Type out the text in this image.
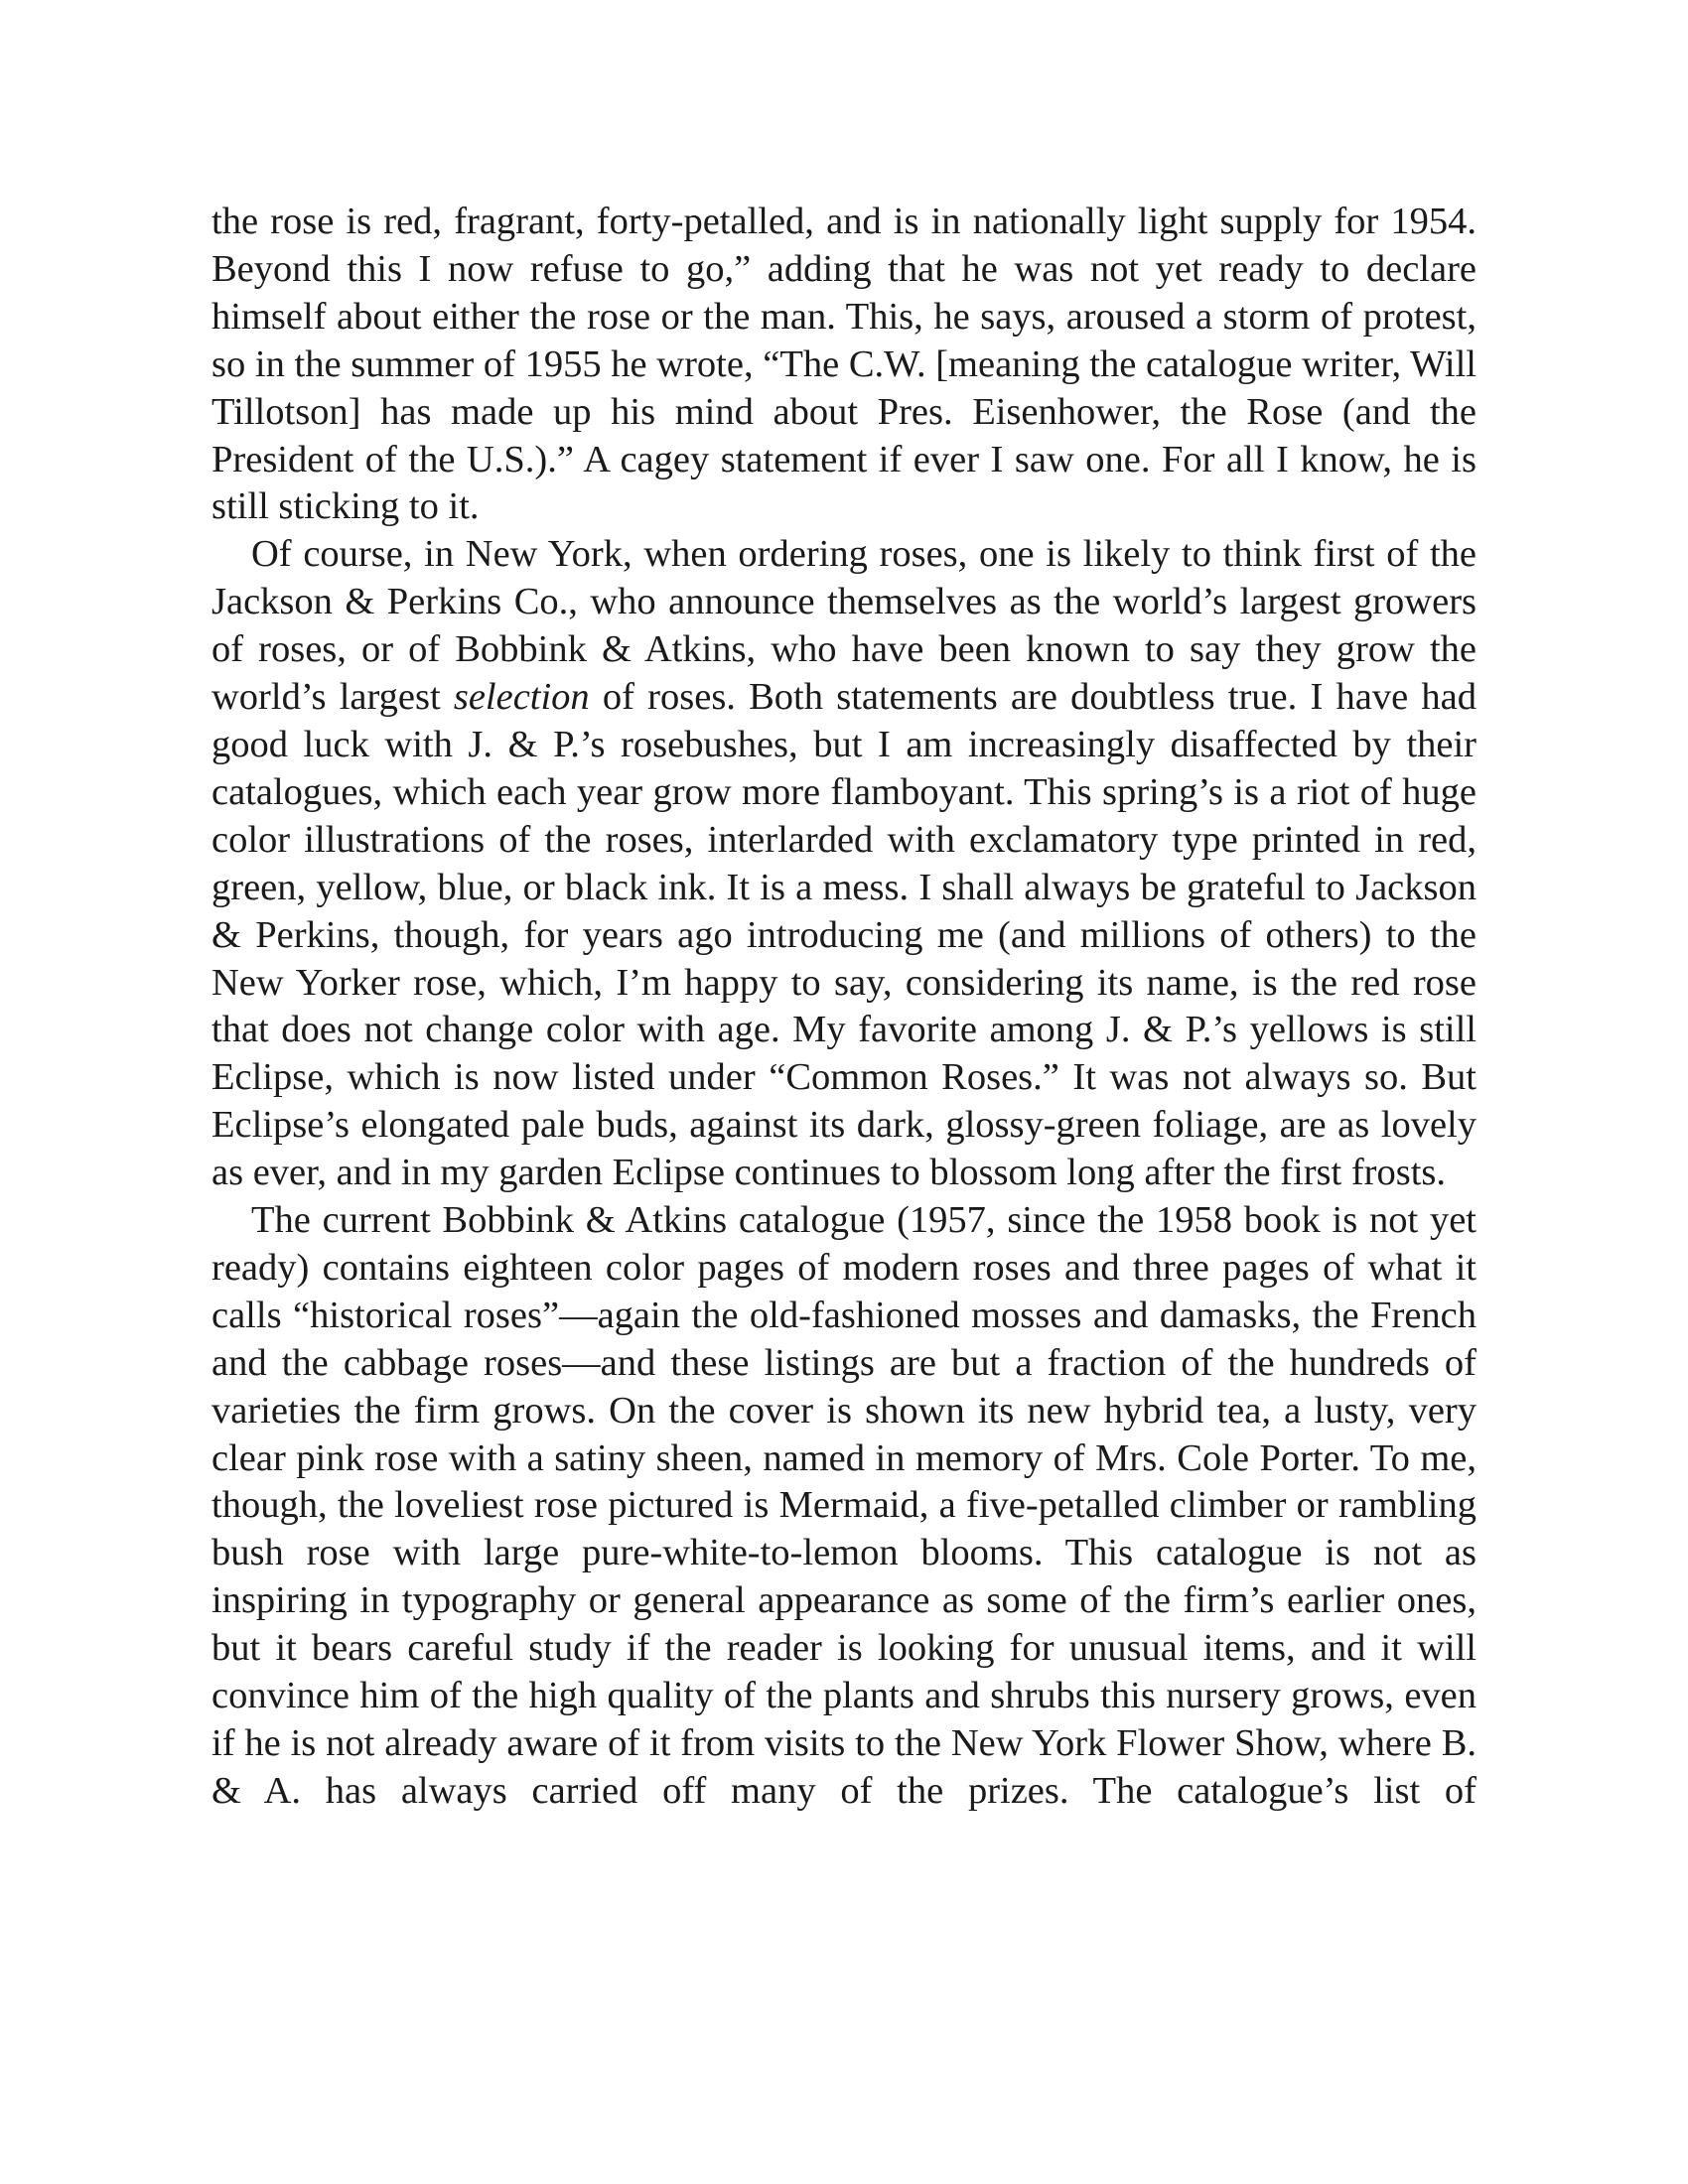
the rose is red, fragrant, forty-petalled, and is in nationally light supply for 1954. Beyond this I now refuse to go,” adding that he was not yet ready to declare himself about either the rose or the man. This, he says, aroused a storm of protest, so in the summer of 1955 he wrote, “The C.W. [meaning the catalogue writer, Will Tillotson] has made up his mind about Pres. Eisenhower, the Rose (and the President of the U.S.).” A cagey statement if ever I saw one. For all I know, he is still sticking to it.

Of course, in New York, when ordering roses, one is likely to think first of the Jackson & Perkins Co., who announce themselves as the world’s largest growers of roses, or of Bobbink & Atkins, who have been known to say they grow the world’s largest selection of roses. Both statements are doubtless true. I have had good luck with J. & P.’s rosebushes, but I am increasingly disaffected by their catalogues, which each year grow more flamboyant. This spring’s is a riot of huge color illustrations of the roses, interlarded with exclamatory type printed in red, green, yellow, blue, or black ink. It is a mess. I shall always be grateful to Jackson & Perkins, though, for years ago introducing me (and millions of others) to the New Yorker rose, which, I’m happy to say, considering its name, is the red rose that does not change color with age. My favorite among J. & P.’s yellows is still Eclipse, which is now listed under “Common Roses.” It was not always so. But Eclipse’s elongated pale buds, against its dark, glossy-green foliage, are as lovely as ever, and in my garden Eclipse continues to blossom long after the first frosts.

The current Bobbink & Atkins catalogue (1957, since the 1958 book is not yet ready) contains eighteen color pages of modern roses and three pages of what it calls “historical roses”—again the old-fashioned mosses and damasks, the French and the cabbage roses—and these listings are but a fraction of the hundreds of varieties the firm grows. On the cover is shown its new hybrid tea, a lusty, very clear pink rose with a satiny sheen, named in memory of Mrs. Cole Porter. To me, though, the loveliest rose pictured is Mermaid, a five-petalled climber or rambling bush rose with large pure-white-to-lemon blooms. This catalogue is not as inspiring in typography or general appearance as some of the firm’s earlier ones, but it bears careful study if the reader is looking for unusual items, and it will convince him of the high quality of the plants and shrubs this nursery grows, even if he is not already aware of it from visits to the New York Flower Show, where B. & A. has always carried off many of the prizes. The catalogue’s list of
